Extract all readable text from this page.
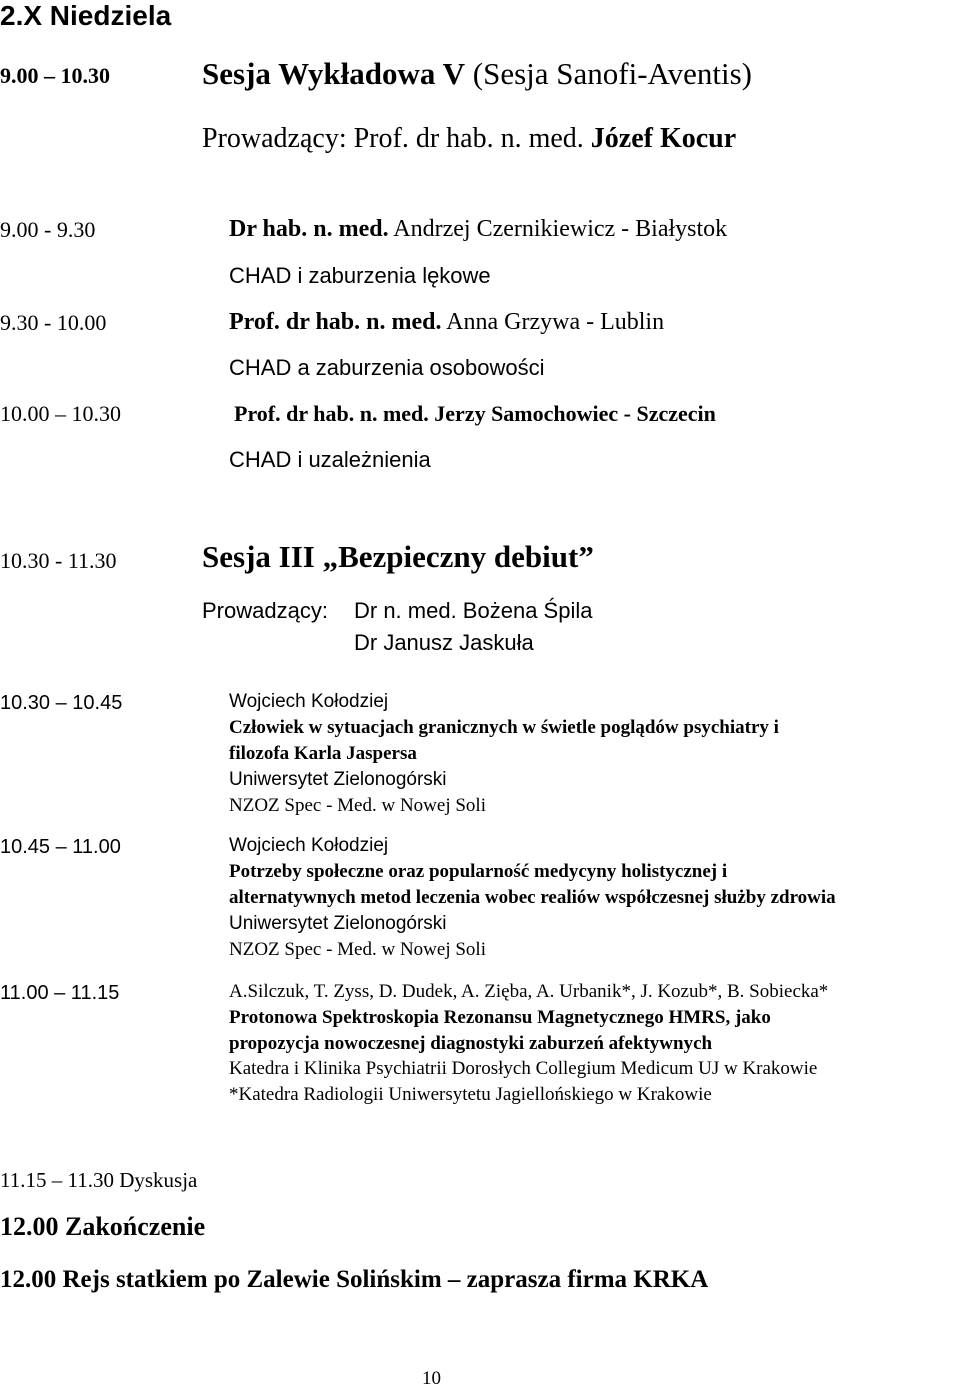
2.X Niedziela
9.00 – 10.30	Sesja Wykładowa V (Sesja Sanofi-Aventis)
Prowadzący: Prof. dr hab. n. med. Józef Kocur
9.00 - 9.30	Dr hab. n. med. Andrzej Czernikiewicz - Białystok
CHAD i zaburzenia lękowe
9.30 - 10.00	Prof. dr hab. n. med. Anna Grzywa - Lublin
CHAD a zaburzenia osobowości
10.00 – 10.30	Prof. dr hab. n. med. Jerzy Samochowiec - Szczecin
CHAD i uzależnienia
10.30 - 11.30	Sesja III „Bezpieczny debiut”
Prowadzący: Dr n. med. Bożena Śpila
Dr Janusz Jaskuła
10.30 – 10.45	Wojciech Kołodziej
Człowiek w sytuacjach granicznych w świetle poglądów psychiatry i
filozofa Karla Jaspersa
Uniwersytet Zielonogórski
NZOZ Spec - Med. w Nowej Soli
10.45 – 11.00	Wojciech Kołodziej
Potrzeby społeczne oraz popularność medycyny holistycznej i
alternatywnych metod leczenia wobec realiów współczesnej służby zdrowia
Uniwersytet Zielonogórski
NZOZ Spec - Med. w Nowej Soli
11.00 – 11.15	A.Silczuk, T. Zyss, D. Dudek, A. Zięba, A. Urbanik*, J. Kozub*, B. Sobiecka*
Protonowa Spektroskopia Rezonansu Magnetycznego HMRS, jako
propozycja nowoczesnej diagnostyki zaburzeń afektywnych
Katedra i Klinika Psychiatrii Dorosłych Collegium Medicum UJ w Krakowie
*Katedra Radiologii Uniwersytetu Jagiellońskiego w Krakowie
11.15 – 11.30 Dyskusja
12.00 Zakończenie
12.00 Rejs statkiem po Zalewie Solińskim – zaprasza firma KRKA
10
